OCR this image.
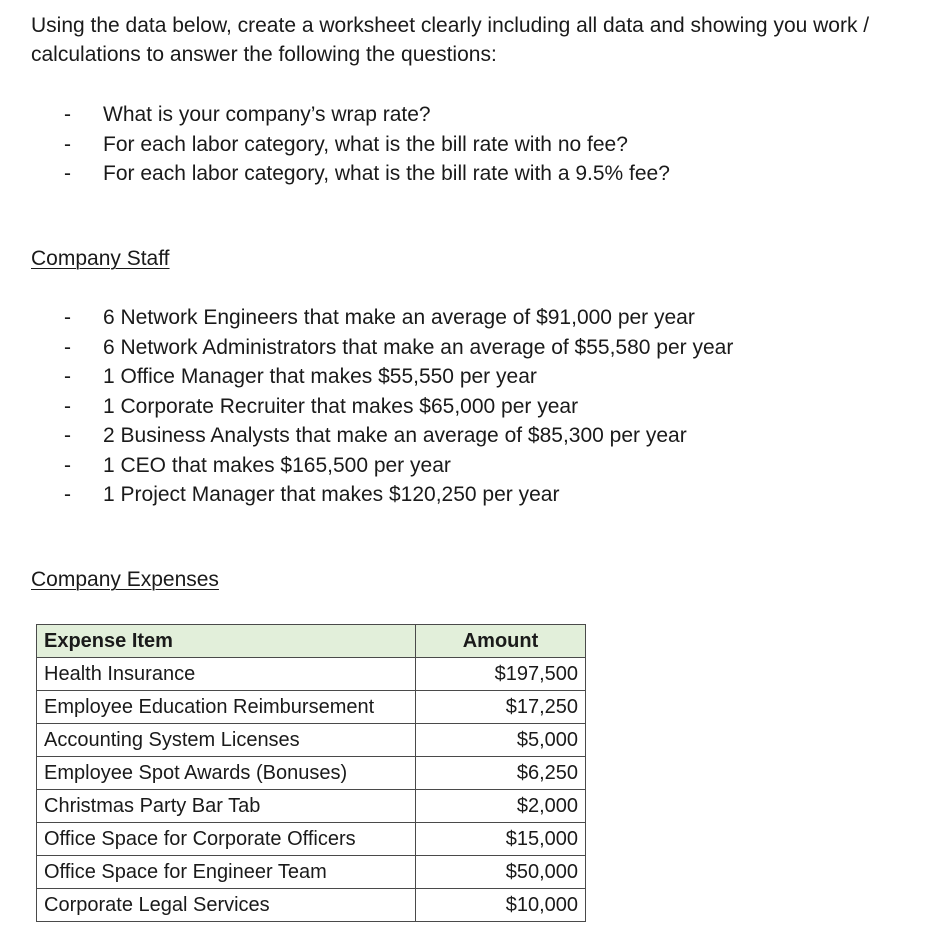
Using the data below, create a worksheet clearly including all data and showing you work / calculations to answer the following the questions:

- What is your company’s wrap rate?
- For each labor category, what is the bill rate with no fee?
- For each labor category, what is the bill rate with a 9.5% fee?
Company Staff
- 6 Network Engineers that make an average of $91,000 per year
- 6 Network Administrators that make an average of $55,580 per year
- 1 Office Manager that makes $55,550 per year
- 1 Corporate Recruiter that makes $65,000 per year
- 2 Business Analysts that make an average of $85,300 per year
- 1 CEO that makes $165,500 per year
- 1 Project Manager that makes $120,250 per year
Company Expenses
Expense Item	Amount
Health Insurance	$197,500
Employee Education Reimbursement	$17,250
Accounting System Licenses	$5,000
Employee Spot Awards (Bonuses)	$6,250
Christmas Party Bar Tab	$2,000
Office Space for Corporate Officers	$15,000
Office Space for Engineer Team	$50,000
Corporate Legal Services	$10,000
